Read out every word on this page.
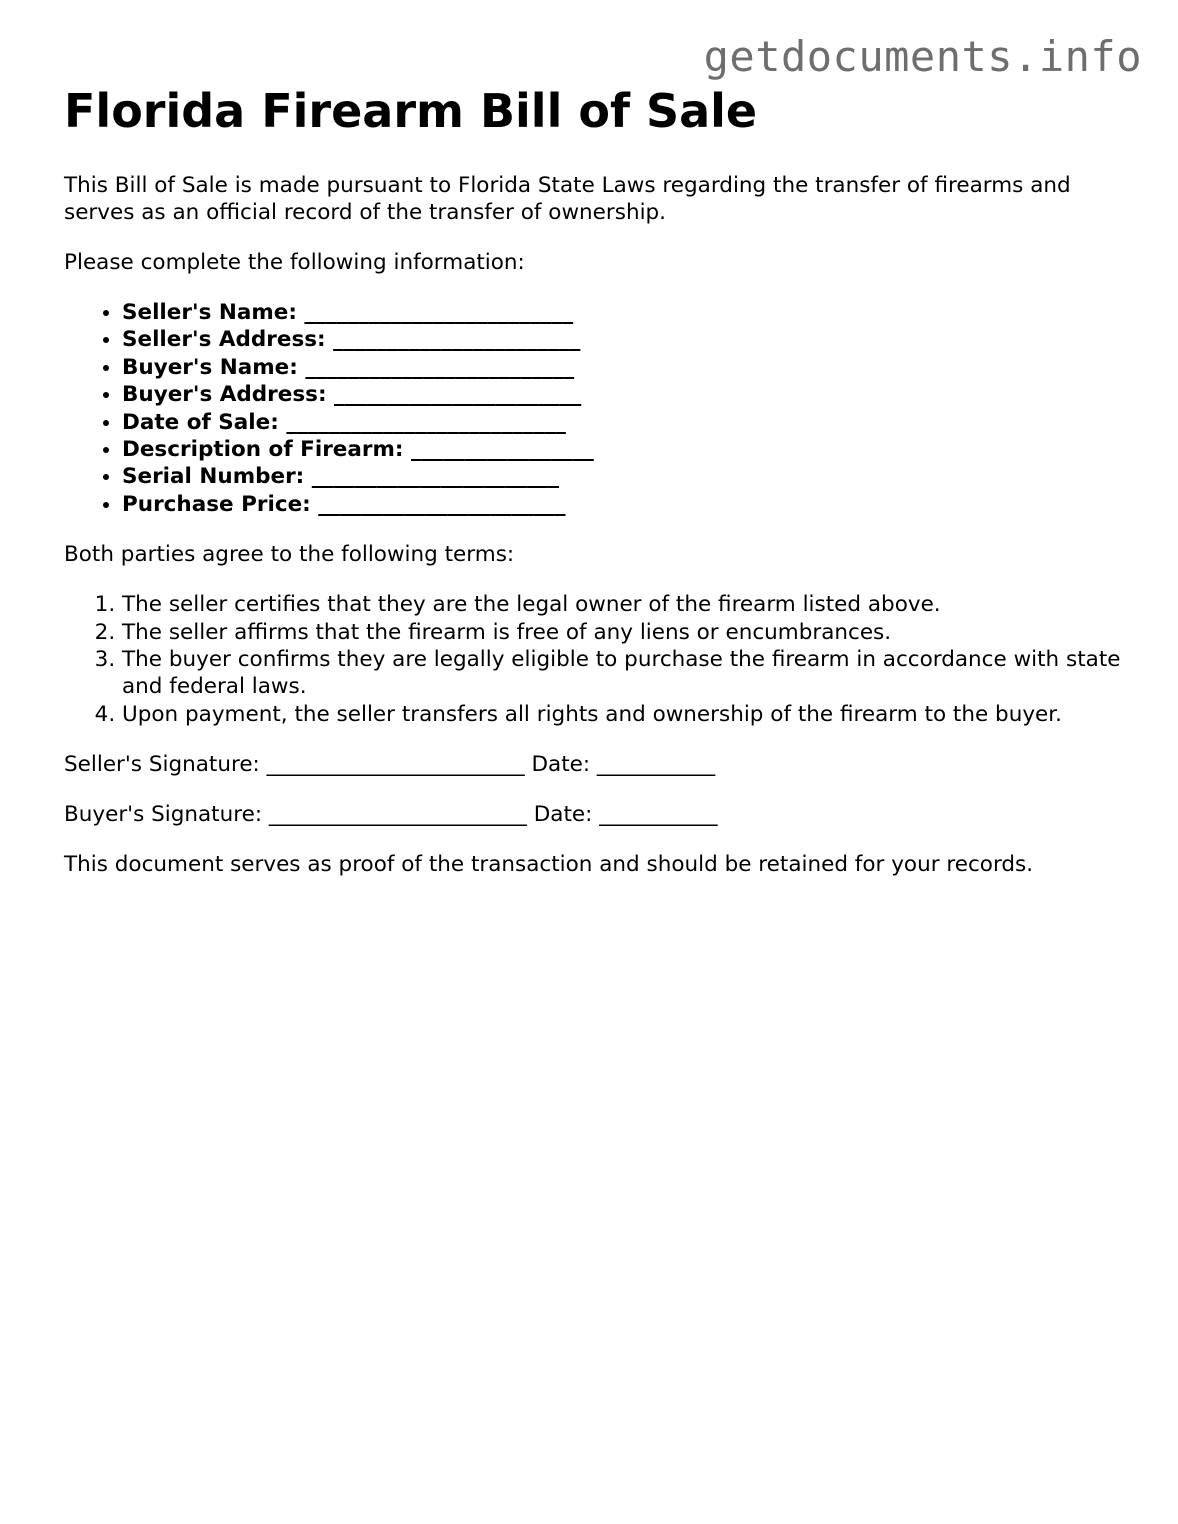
getdocuments.info
Florida Firearm Bill of Sale

This Bill of Sale is made pursuant to Florida State Laws regarding the transfer of firearms and serves as an official record of the transfer of ownership.

Please complete the following information:

• Seller's Name: _________________________
• Seller's Address: _______________________
• Buyer's Name: _________________________
• Buyer's Address: _______________________
• Date of Sale: __________________________
• Description of Firearm: _________________
• Serial Number: _______________________
• Purchase Price: _______________________

Both parties agree to the following terms:

1. The seller certifies that they are the legal owner of the firearm listed above.
2. The seller affirms that the firearm is free of any liens or encumbrances.
3. The buyer confirms they are legally eligible to purchase the firearm in accordance with state and federal laws.
4. Upon payment, the seller transfers all rights and ownership of the firearm to the buyer.

Seller's Signature: ________________________ Date: ___________

Buyer's Signature: ________________________ Date: ___________

This document serves as proof of the transaction and should be retained for your records.
